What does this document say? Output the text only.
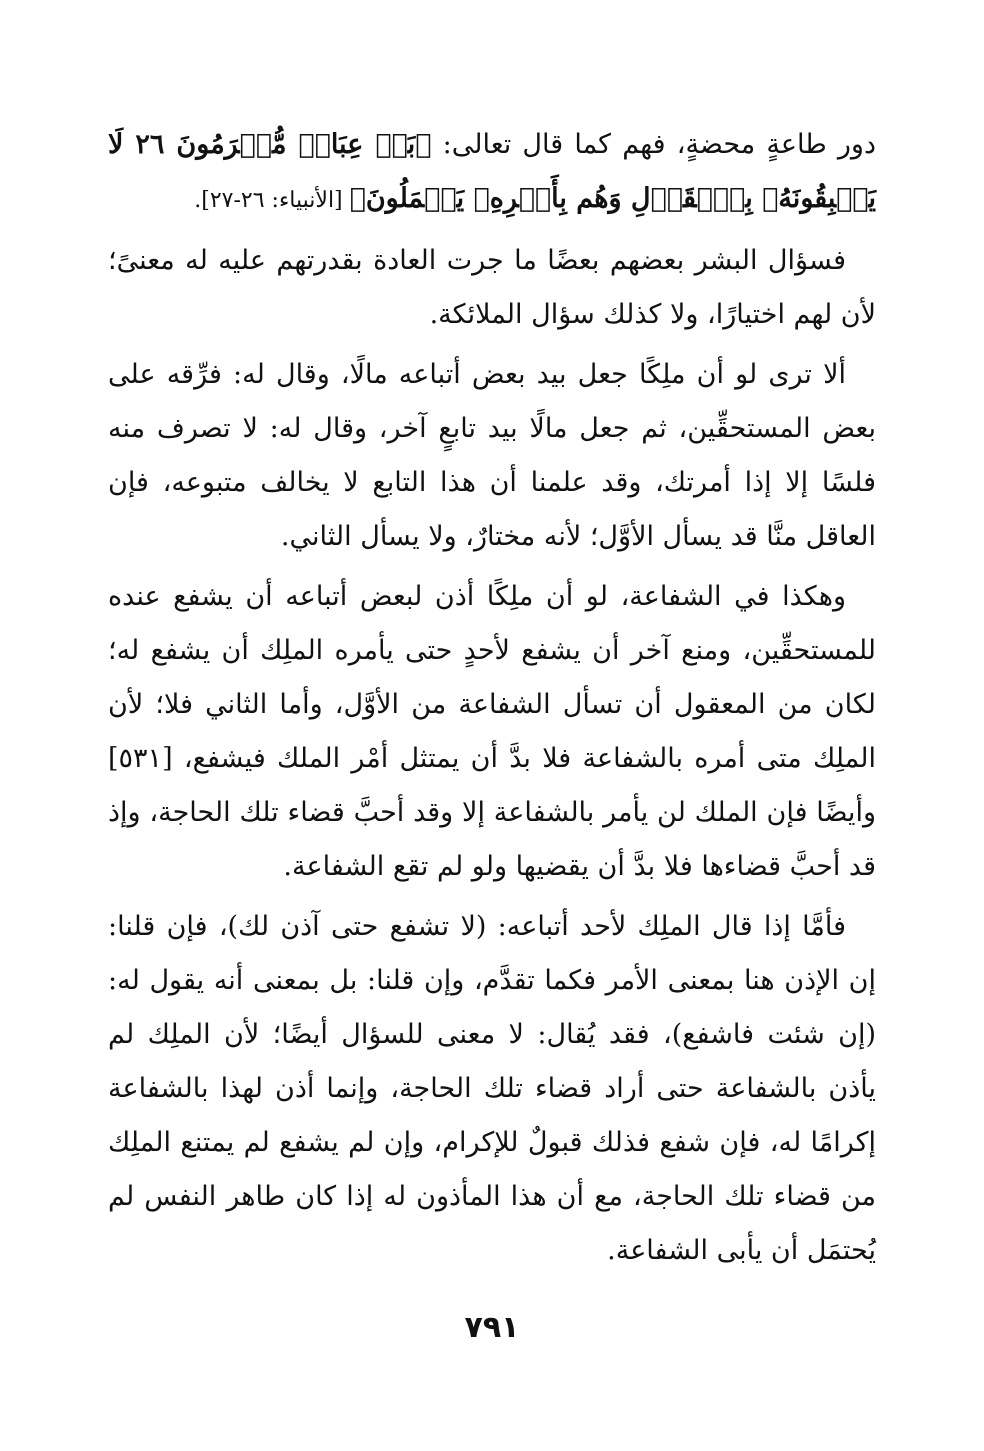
دور طاعةٍ محضةٍ، فهم كما قال تعالى: ﴿بَلۡ عِبَادٞ مُّكۡرَمُونَ ٢٦ لَا يَسۡبِقُونَهُۥ بِٱلۡقَوۡلِ وَهُم بِأَمۡرِهِۦ يَعۡمَلُونَ﴾ [الأنبياء: ٢٦-٢٧].

فسؤال البشر بعضهم بعضًا ما جرت العادة بقدرتهم عليه له معنىً؛ لأن لهم اختيارًا، ولا كذلك سؤال الملائكة.

ألا ترى لو أن ملِكًا جعل بيد بعض أتباعه مالًا، وقال له: فرِّقه على بعض المستحقِّين، ثم جعل مالًا بيد تابعٍ آخر، وقال له: لا تصرف منه فلسًا إلا إذا أمرتك، وقد علمنا أن هذا التابع لا يخالف متبوعه، فإن العاقل منَّا قد يسأل الأوَّل؛ لأنه مختارٌ، ولا يسأل الثاني.

وهكذا في الشفاعة، لو أن ملِكًا أذن لبعض أتباعه أن يشفع عنده للمستحقِّين، ومنع آخر أن يشفع لأحدٍ حتى يأمره الملِك أن يشفع له؛ لكان من المعقول أن تسأل الشفاعة من الأوَّل، وأما الثاني فلا؛ لأن الملِك متى أمره بالشفاعة فلا بدَّ أن يمتثل أمْر الملك فيشفع، [٥٣١] وأيضًا فإن الملك لن يأمر بالشفاعة إلا وقد أحبَّ قضاء تلك الحاجة، وإذ قد أحبَّ قضاءها فلا بدَّ أن يقضيها ولو لم تقع الشفاعة.

فأمَّا إذا قال الملِك لأحد أتباعه: (لا تشفع حتى آذن لك)، فإن قلنا: إن الإذن هنا بمعنى الأمر فكما تقدَّم، وإن قلنا: بل بمعنى أنه يقول له: (إن شئت فاشفع)، فقد يُقال: لا معنى للسؤال أيضًا؛ لأن الملِك لم يأذن بالشفاعة حتى أراد قضاء تلك الحاجة، وإنما أذن لهذا بالشفاعة إكرامًا له، فإن شفع فذلك قبولٌ للإكرام، وإن لم يشفع لم يمتنع الملِك من قضاء تلك الحاجة، مع أن هذا المأذون له إذا كان طاهر النفس لم يُحتمَل أن يأبى الشفاعة.

٧٩١
